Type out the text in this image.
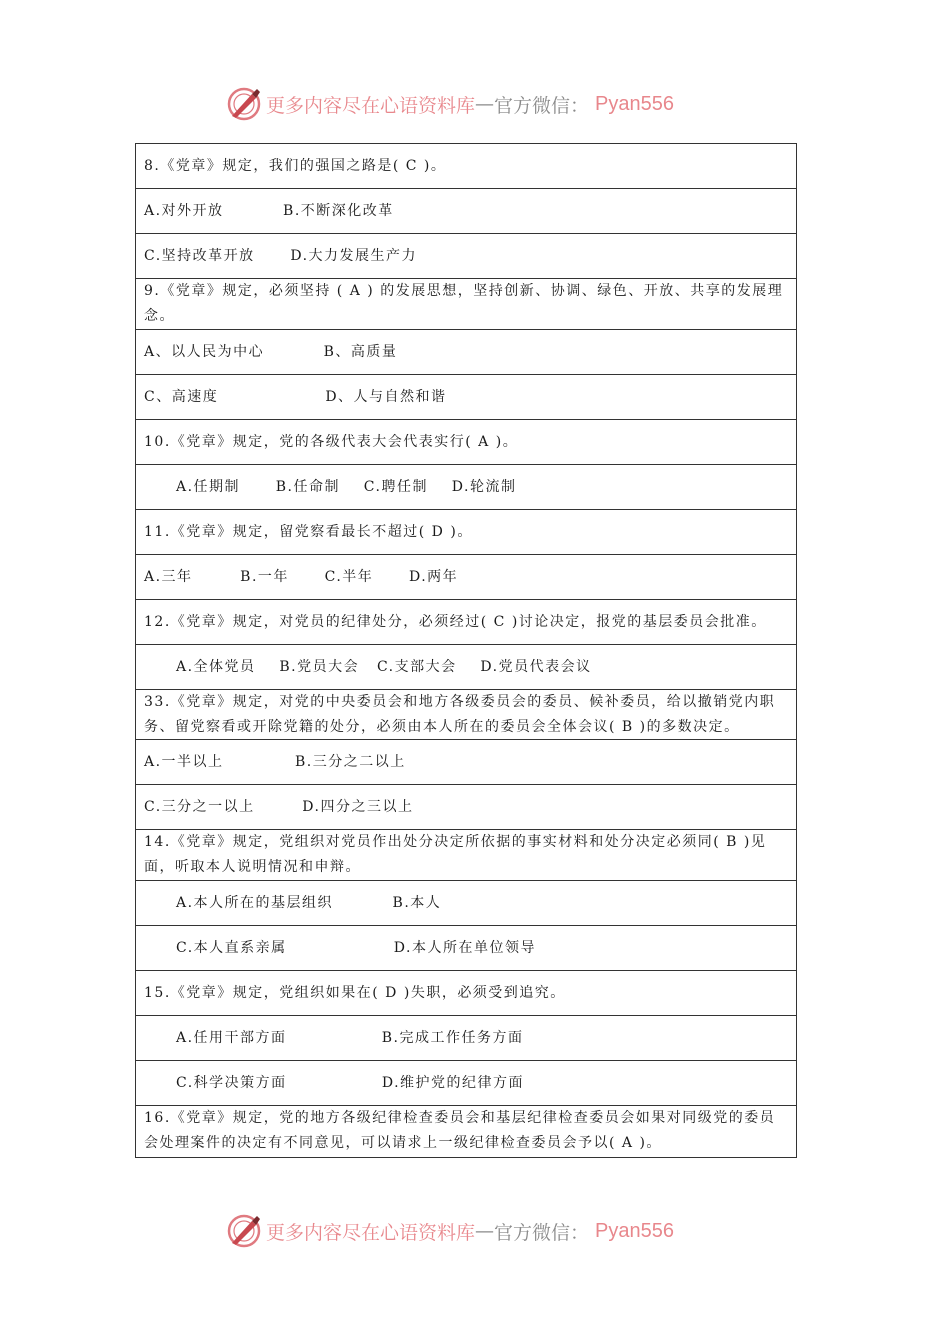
更多内容尽在心语资料库 — 官方微信： Pyan556
8.《党章》规定，我们的强国之路是( C )。
A.对外开放          B.不断深化改革
C.坚持改革开放      D.大力发展生产力
9.《党章》规定，必须坚持 ( A ) 的发展思想，坚持创新、协调、绿色、开放、共享的发展理念。
A、以人民为中心          B、高质量
C、高速度                  D、人与自然和谐
10.《党章》规定，党的各级代表大会代表实行( A )。
A.任期制      B.任命制    C.聘任制    D.轮流制
11.《党章》规定，留党察看最长不超过( D )。
A.三年        B.一年      C.半年      D.两年
12.《党章》规定，对党员的纪律处分，必须经过( C )讨论决定，报党的基层委员会批准。
A.全体党员    B.党员大会   C.支部大会    D.党员代表会议
33.《党章》规定，对党的中央委员会和地方各级委员会的委员、候补委员，给以撤销党内职务、留党察看或开除党籍的处分，必须由本人所在的委员会全体会议( B )的多数决定。
A.一半以上            B.三分之二以上
C.三分之一以上        D.四分之三以上
14.《党章》规定，党组织对党员作出处分决定所依据的事实材料和处分决定必须同( B )见面，听取本人说明情况和申辩。
A.本人所在的基层组织          B.本人
C.本人直系亲属                  D.本人所在单位领导
15.《党章》规定，党组织如果在( D )失职，必须受到追究。
A.任用干部方面                B.完成工作任务方面
C.科学决策方面                D.维护党的纪律方面
16.《党章》规定，党的地方各级纪律检查委员会和基层纪律检查委员会如果对同级党的委员会处理案件的决定有不同意见，可以请求上一级纪律检查委员会予以( A )。
更多内容尽在心语资料库 — 官方微信： Pyan556
